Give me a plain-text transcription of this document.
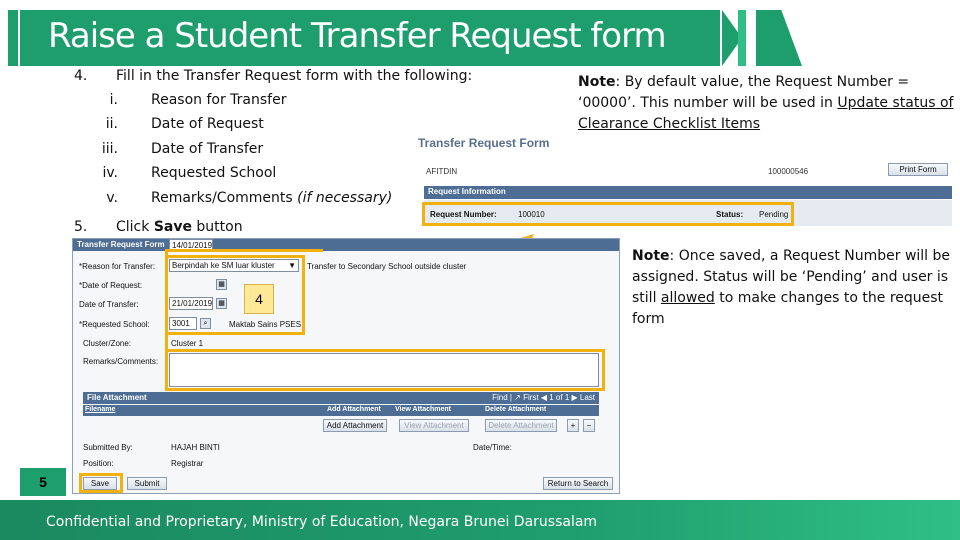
Raise a Student Transfer Request form
4. Fill in the Transfer Request form with the following:
i. Reason for Transfer
ii. Date of Request
iii. Date of Transfer
iv. Requested School
v. Remarks/Comments (if necessary)
5. Click Save button
Note: By default value, the Request Number = ‘00000’. This number will be used in Update status of Clearance Checklist Items
Transfer Request Form
AFITDIN	100000546	Print Form
Request Information
Request Number:	100010	Status: Pending
Note: Once saved, a Request Number will be assigned. Status will be ‘Pending’ and user is still allowed to make changes to the request form
Transfer Request Form
*Reason for Transfer:	Berpindah ke SM luar kluster ▼ Transfer to Secondary School outside cluster
*Date of Request:
14/01/2019
▦
Date of Transfer:	21/01/2019 ▦
*Requested School:	3001	⌕	Maktab Sains PSES
Cluster/Zone:	Cluster 1
Remarks/Comments:
File Attachment	Find | ↗ First ◀ 1 of 1 ▶ Last
Filename	Add Attachment View Attachment	Delete Attachment
Add Attachment	View Attachment	Delete Attachment	+	−
Submitted By:	HAJAH BINTI	Date/Time:
Position:	Registrar
Save	Submit	Return to Search
4
5
Confidential and Proprietary, Ministry of Education, Negara Brunei Darussalam
